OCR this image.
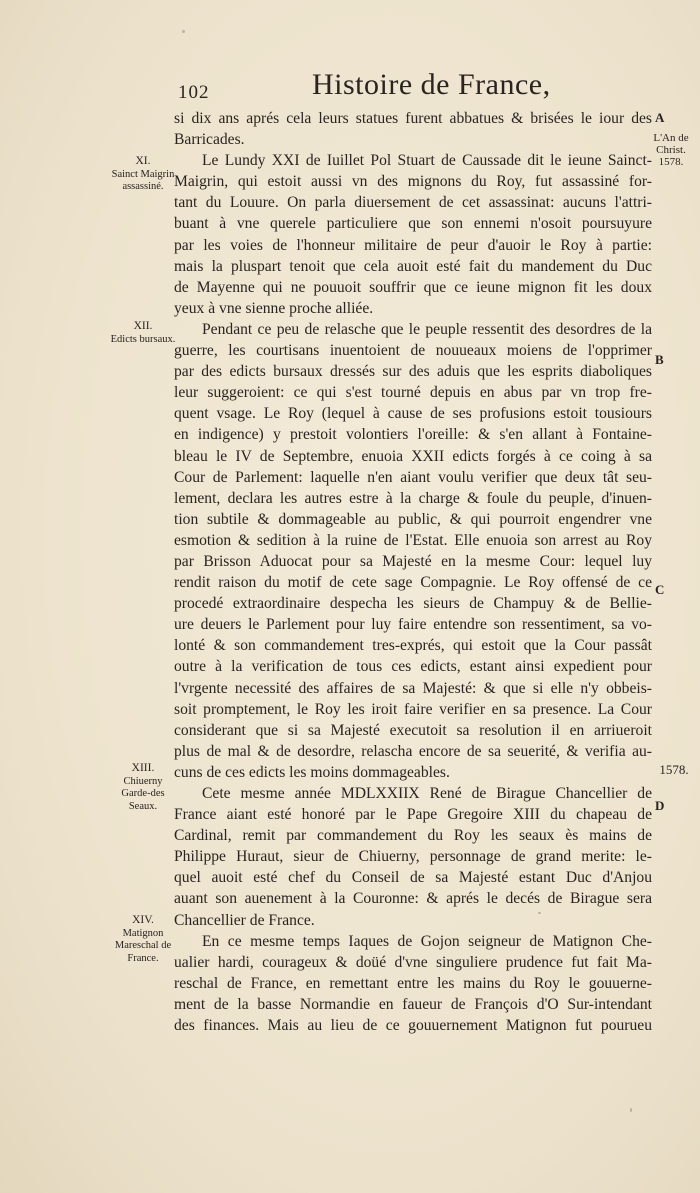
102	Histoire de France,
si dix ans aprés cela leurs statues furent abbatues & brisées le iour des
Barricades.
Le Lundy XXI de Iuillet Pol Stuart de Caussade dit le ieune Sainct-
Maigrin, qui estoit aussi vn des mignons du Roy, fut assassiné for-
tant du Louure. On parla diuersement de cet assassinat: aucuns l'attri-
buant à vne querele particuliere que son ennemi n'osoit poursuyure
par les voies de l'honneur militaire de peur d'auoir le Roy à partie:
mais la pluspart tenoit que cela auoit esté fait du mandement du Duc
de Mayenne qui ne pouuoit souffrir que ce ieune mignon fit les doux
yeux à vne sienne proche alliée.
Pendant ce peu de relasche que le peuple ressentit des desordres de la
guerre, les courtisans inuentoient de nouueaux moiens de l'opprimer
par des edicts bursaux dressés sur des aduis que les esprits diaboliques
leur suggeroient: ce qui s'est tourné depuis en abus par vn trop fre-
quent vsage. Le Roy (lequel à cause de ses profusions estoit tousiours
en indigence) y prestoit volontiers l'oreille: & s'en allant à Fontaine-
bleau le IV de Septembre, enuoia XXII edicts forgés à ce coing à sa
Cour de Parlement: laquelle n'en aiant voulu verifier que deux tât seu-
lement, declara les autres estre à la charge & foule du peuple, d'inuen-
tion subtile & dommageable au public, & qui pourroit engendrer vne
esmotion & sedition à la ruine de l'Estat. Elle enuoia son arrest au Roy
par Brisson Aduocat pour sa Majesté en la mesme Cour: lequel luy
rendit raison du motif de cete sage Compagnie. Le Roy offensé de ce
procedé extraordinaire despecha les sieurs de Champuy & de Bellie-
ure deuers le Parlement pour luy faire entendre son ressentiment, sa vo-
lonté & son commandement tres-exprés, qui estoit que la Cour passât
outre à la verification de tous ces edicts, estant ainsi expedient pour
l'vrgente necessité des affaires de sa Majesté: & que si elle n'y obbeis-
soit promptement, le Roy les iroit faire verifier en sa presence. La Cour
considerant que si sa Majesté executoit sa resolution il en arriueroit
plus de mal & de desordre, relascha encore de sa seuerité, & verifia au-
cuns de ces edicts les moins dommageables.
Cete mesme année MDLXXIIX René de Birague Chancellier de
France aiant esté honoré par le Pape Gregoire XIII du chapeau de
Cardinal, remit par commandement du Roy les seaux ès mains de
Philippe Huraut, sieur de Chiuerny, personnage de grand merite: le-
quel auoit esté chef du Conseil de sa Majesté estant Duc d'Anjou
auant son auenement à la Couronne: & aprés le decés de Birague sera
Chancellier de France.
En ce mesme temps Iaques de Gojon seigneur de Matignon Che-
ualier hardi, courageux & doüé d'vne singuliere prudence fut fait Ma-
reschal de France, en remettant entre les mains du Roy le gouuerne-
ment de la basse Normandie en faueur de François d'O Sur-intendant
des finances. Mais au lieu de ce gouuernement Matignon fut pourueu
XI.
Sainct Maigrin assassiné.
XII.
Edicts bursaux.
XIII.
Chiuerny Garde-des Seaux.
XIV.
Matignon Mareschal de France.
A
B
C
D
L'An de Christ. 1578.
1578.
